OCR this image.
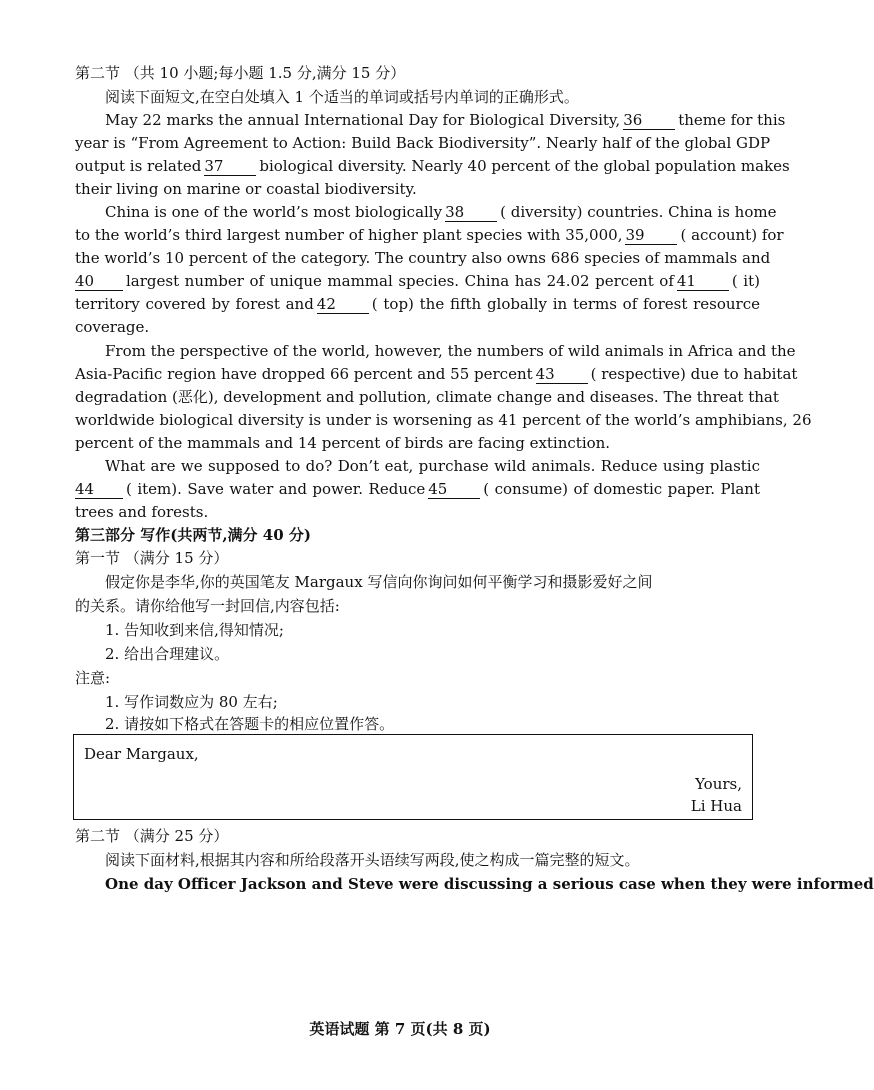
第二节 （共 10 小题;每小题 1.5 分,满分 15 分）
阅读下面短文,在空白处填入 1 个适当的单词或括号内单词的正确形式。
May 22 marks the annual International Day for Biological Diversity, 36 theme for this
year is “From Agreement to Action: Build Back Biodiversity”. Nearly half of the global GDP
output is related 37 biological diversity. Nearly 40 percent of the global population makes
their living on marine or coastal biodiversity.
China is one of the world’s most biologically 38 ( diversity) countries. China is home
to the world’s third largest number of higher plant species with 35,000, 39 ( account) for
the world’s 10 percent of the category. The country also owns 686 species of mammals and
40 largest number of unique mammal species. China has 24.02 percent of 41 ( it)
territory covered by forest and 42 ( top) the fifth globally in terms of forest resource
coverage.
From the perspective of the world, however, the numbers of wild animals in Africa and the
Asia-Pacific region have dropped 66 percent and 55 percent 43 ( respective) due to habitat
degradation (恶化), development and pollution, climate change and diseases. The threat that
worldwide biological diversity is under is worsening as 41 percent of the world’s amphibians, 26
percent of the mammals and 14 percent of birds are facing extinction.
What are we supposed to do? Don’t eat, purchase wild animals. Reduce using plastic
44 ( item). Save water and power. Reduce 45 ( consume) of domestic paper. Plant
trees and forests.
第三部分 写作(共两节,满分 40 分)
第一节 （满分 15 分）
假定你是李华,你的英国笔友 Margaux 写信向你询问如何平衡学习和摄影爱好之间
的关系。请你给他写一封回信,内容包括:
1. 告知收到来信,得知情况;
2. 给出合理建议。
注意:
1. 写作词数应为 80 左右;
2. 请按如下格式在答题卡的相应位置作答。
Dear Margaux,
Yours,
Li Hua
第二节 （满分 25 分）
阅读下面材料,根据其内容和所给段落开头语续写两段,使之构成一篇完整的短文。
One day Officer Jackson and Steve were discussing a serious case when they were informed
英语试题 第 7 页(共 8 页)
